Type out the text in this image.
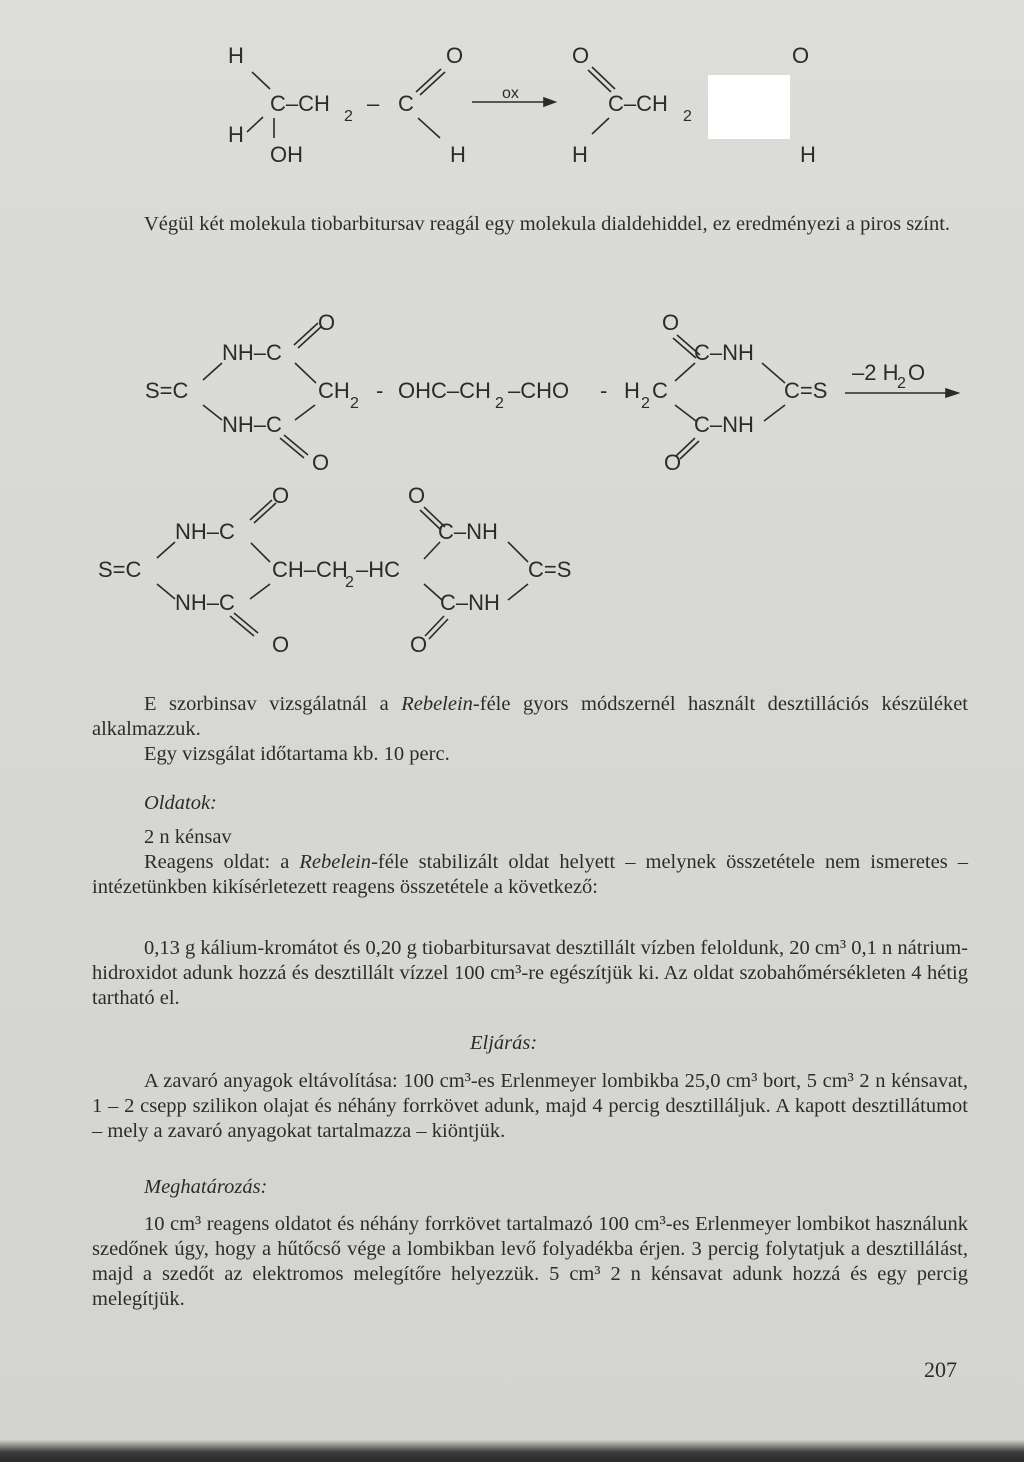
H
C–CH
2
– C
O
H
H
OH
ox
O
C–CH
2
H
O
H
O
NH–C
S=C	CH
2
- OHC–CH
2
–CHO - H
2
C
NH–C
O
O
C–NH
C=S
C–NH
O
–2 H
2 O
O
NH–C
S=C	CH–CH
2
–HC
NH–C
O
O
C–NH
C=S
C–NH
O

Végül két molekula tiobarbitursav reagál egy molekula dialdehiddel, ez eredményezi a piros színt.

E szorbinsav vizsgálatnál a Rebelein-féle gyors módszernél használt desztillációs készüléket alkalmazzuk.

Egy vizsgálat időtartama kb. 10 perc.

Oldatok:

2 n kénsav

Reagens oldat: a Rebelein-féle stabilizált oldat helyett – melynek összetétele nem ismeretes – intézetünkben kikísérletezett reagens összetétele a következő:

0,13 g kálium-kromátot és 0,20 g tiobarbitursavat desztillált vízben feloldunk, 20 cm³ 0,1 n nátrium-hidroxidot adunk hozzá és desztillált vízzel 100 cm³-re egészítjük ki. Az oldat szobahőmérsékleten 4 hétig tartható el.

Eljárás:

A zavaró anyagok eltávolítása: 100 cm³-es Erlenmeyer lombikba 25,0 cm³ bort, 5 cm³ 2 n kénsavat, 1 – 2 csepp szilikon olajat és néhány forrkövet adunk, majd 4 percig desztilláljuk. A kapott desztillátumot – mely a zavaró anyagokat tartalmazza – kiöntjük.

Meghatározás:

10 cm³ reagens oldatot és néhány forrkövet tartalmazó 100 cm³-es Erlenmeyer lombikot használunk szedőnek úgy, hogy a hűtőcső vége a lombikban levő folyadékba érjen. 3 percig folytatjuk a desztillálást, majd a szedőt az elektromos melegítőre helyezzük. 5 cm³ 2 n kénsavat adunk hozzá és egy percig melegítjük.

207
